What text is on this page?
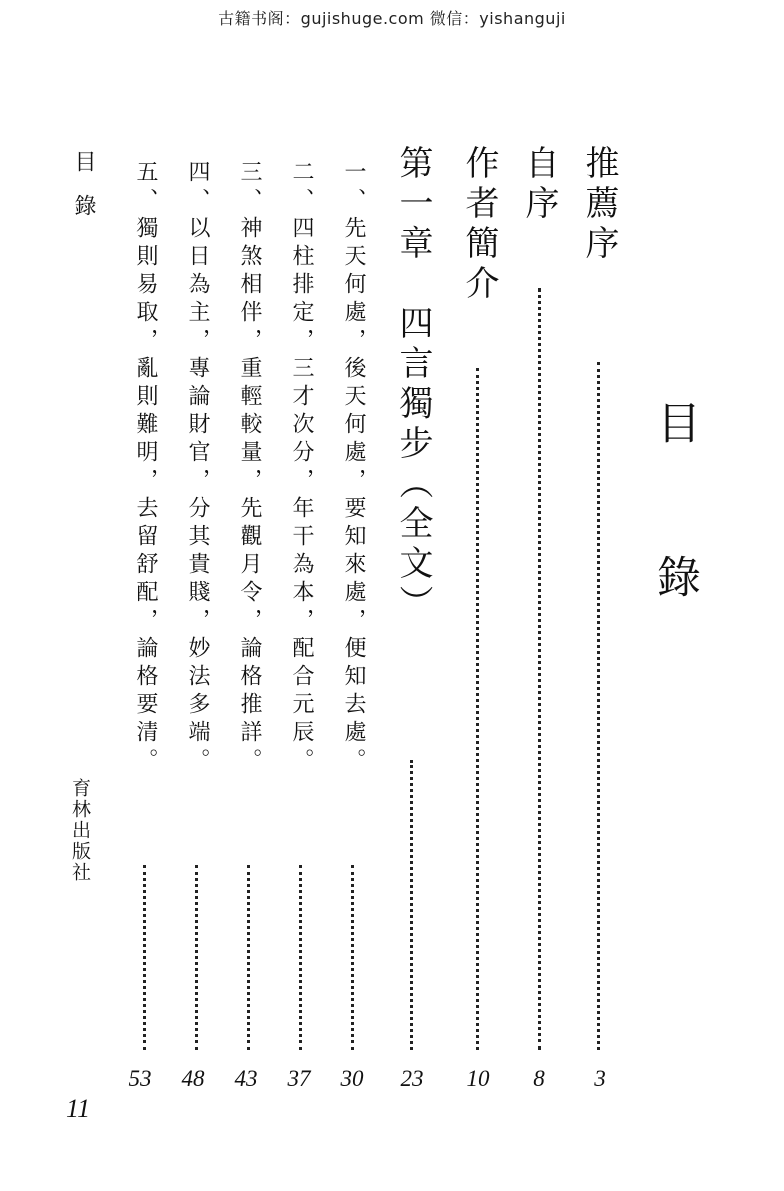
古籍书阁：gujishuge.com 微信：yishanguji
目錄
推薦序
3
自序
8
作者簡介
10
第一章　四言獨步（全文）
23
一、先天何處，後天何處，要知來處，便知去處。
30
二、四柱排定，三才次分，年干為本，配合元辰。
37
三、神煞相伴，重輕較量，先觀月令，論格推詳。
43
四、以日為主，專論財官，分其貴賤，妙法多端。
48
五、獨則易取，亂則難明，去留舒配，論格要清。
53
目錄
育林出版社
11
